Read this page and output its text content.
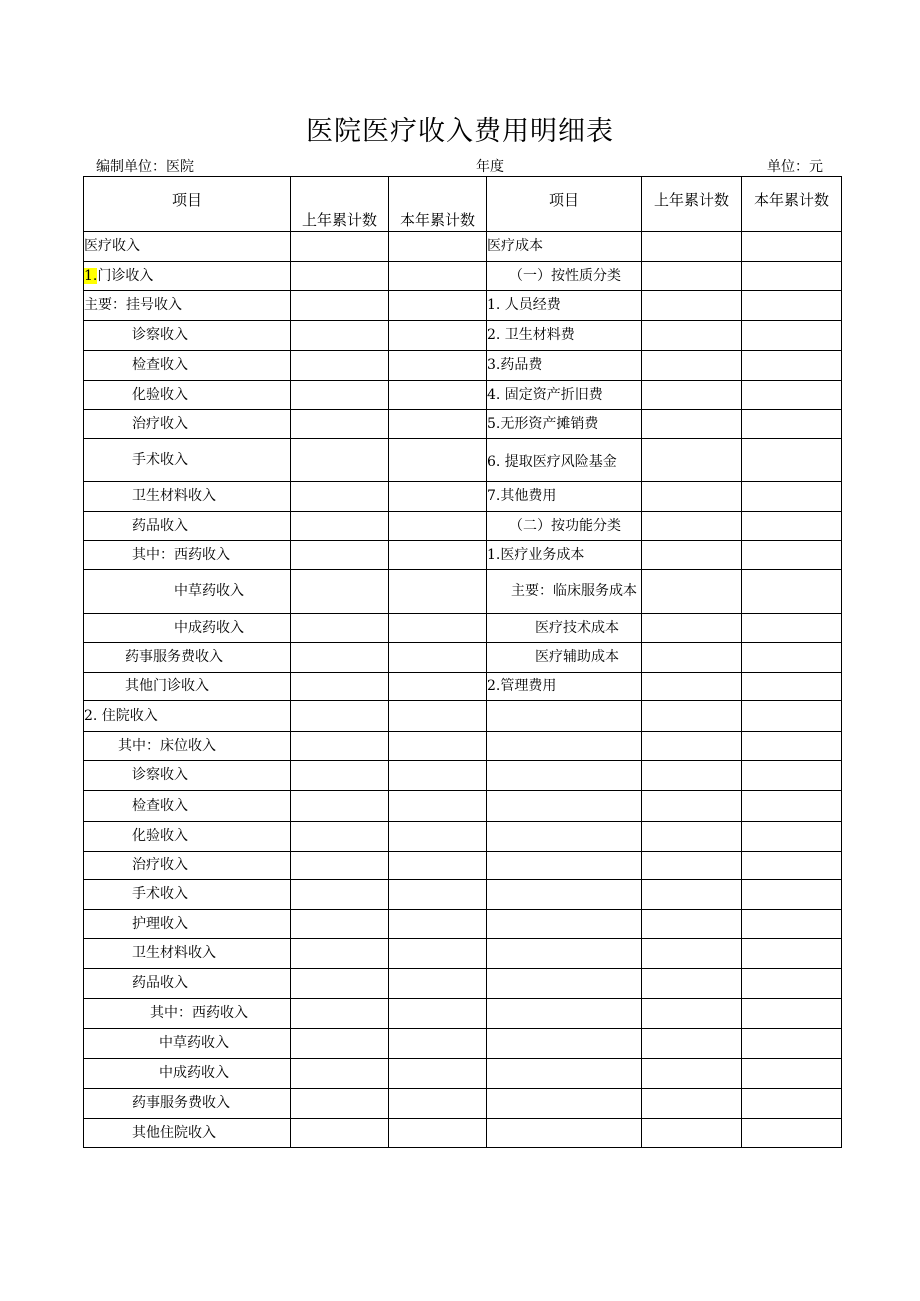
医院医疗收入费用明细表
编制单位：医院	年度	单位：元
项目	上年累计数	本年累计数	项目	上年累计数	本年累计数
医疗收入			医疗成本		
1.门诊收入			（一）按性质分类		
主要：挂号收入			1. 人员经费		
诊察收入			2. 卫生材料费		
检查收入			3.药品费		
化验收入			4. 固定资产折旧费		
治疗收入			5.无形资产摊销费		
手术收入			6. 提取医疗风险基金		
卫生材料收入			7.其他费用		
药品收入			（二）按功能分类		
其中：西药收入			1.医疗业务成本		
中草药收入			主要：临床服务成本		
中成药收入			医疗技术成本		
药事服务费收入			医疗辅助成本		
其他门诊收入			2.管理费用		
2. 住院收入					
其中：床位收入					
诊察收入					
检查收入					
化验收入					
治疗收入					
手术收入					
护理收入					
卫生材料收入					
药品收入					
其中：西药收入					
中草药收入					
中成药收入					
药事服务费收入					
其他住院收入					
